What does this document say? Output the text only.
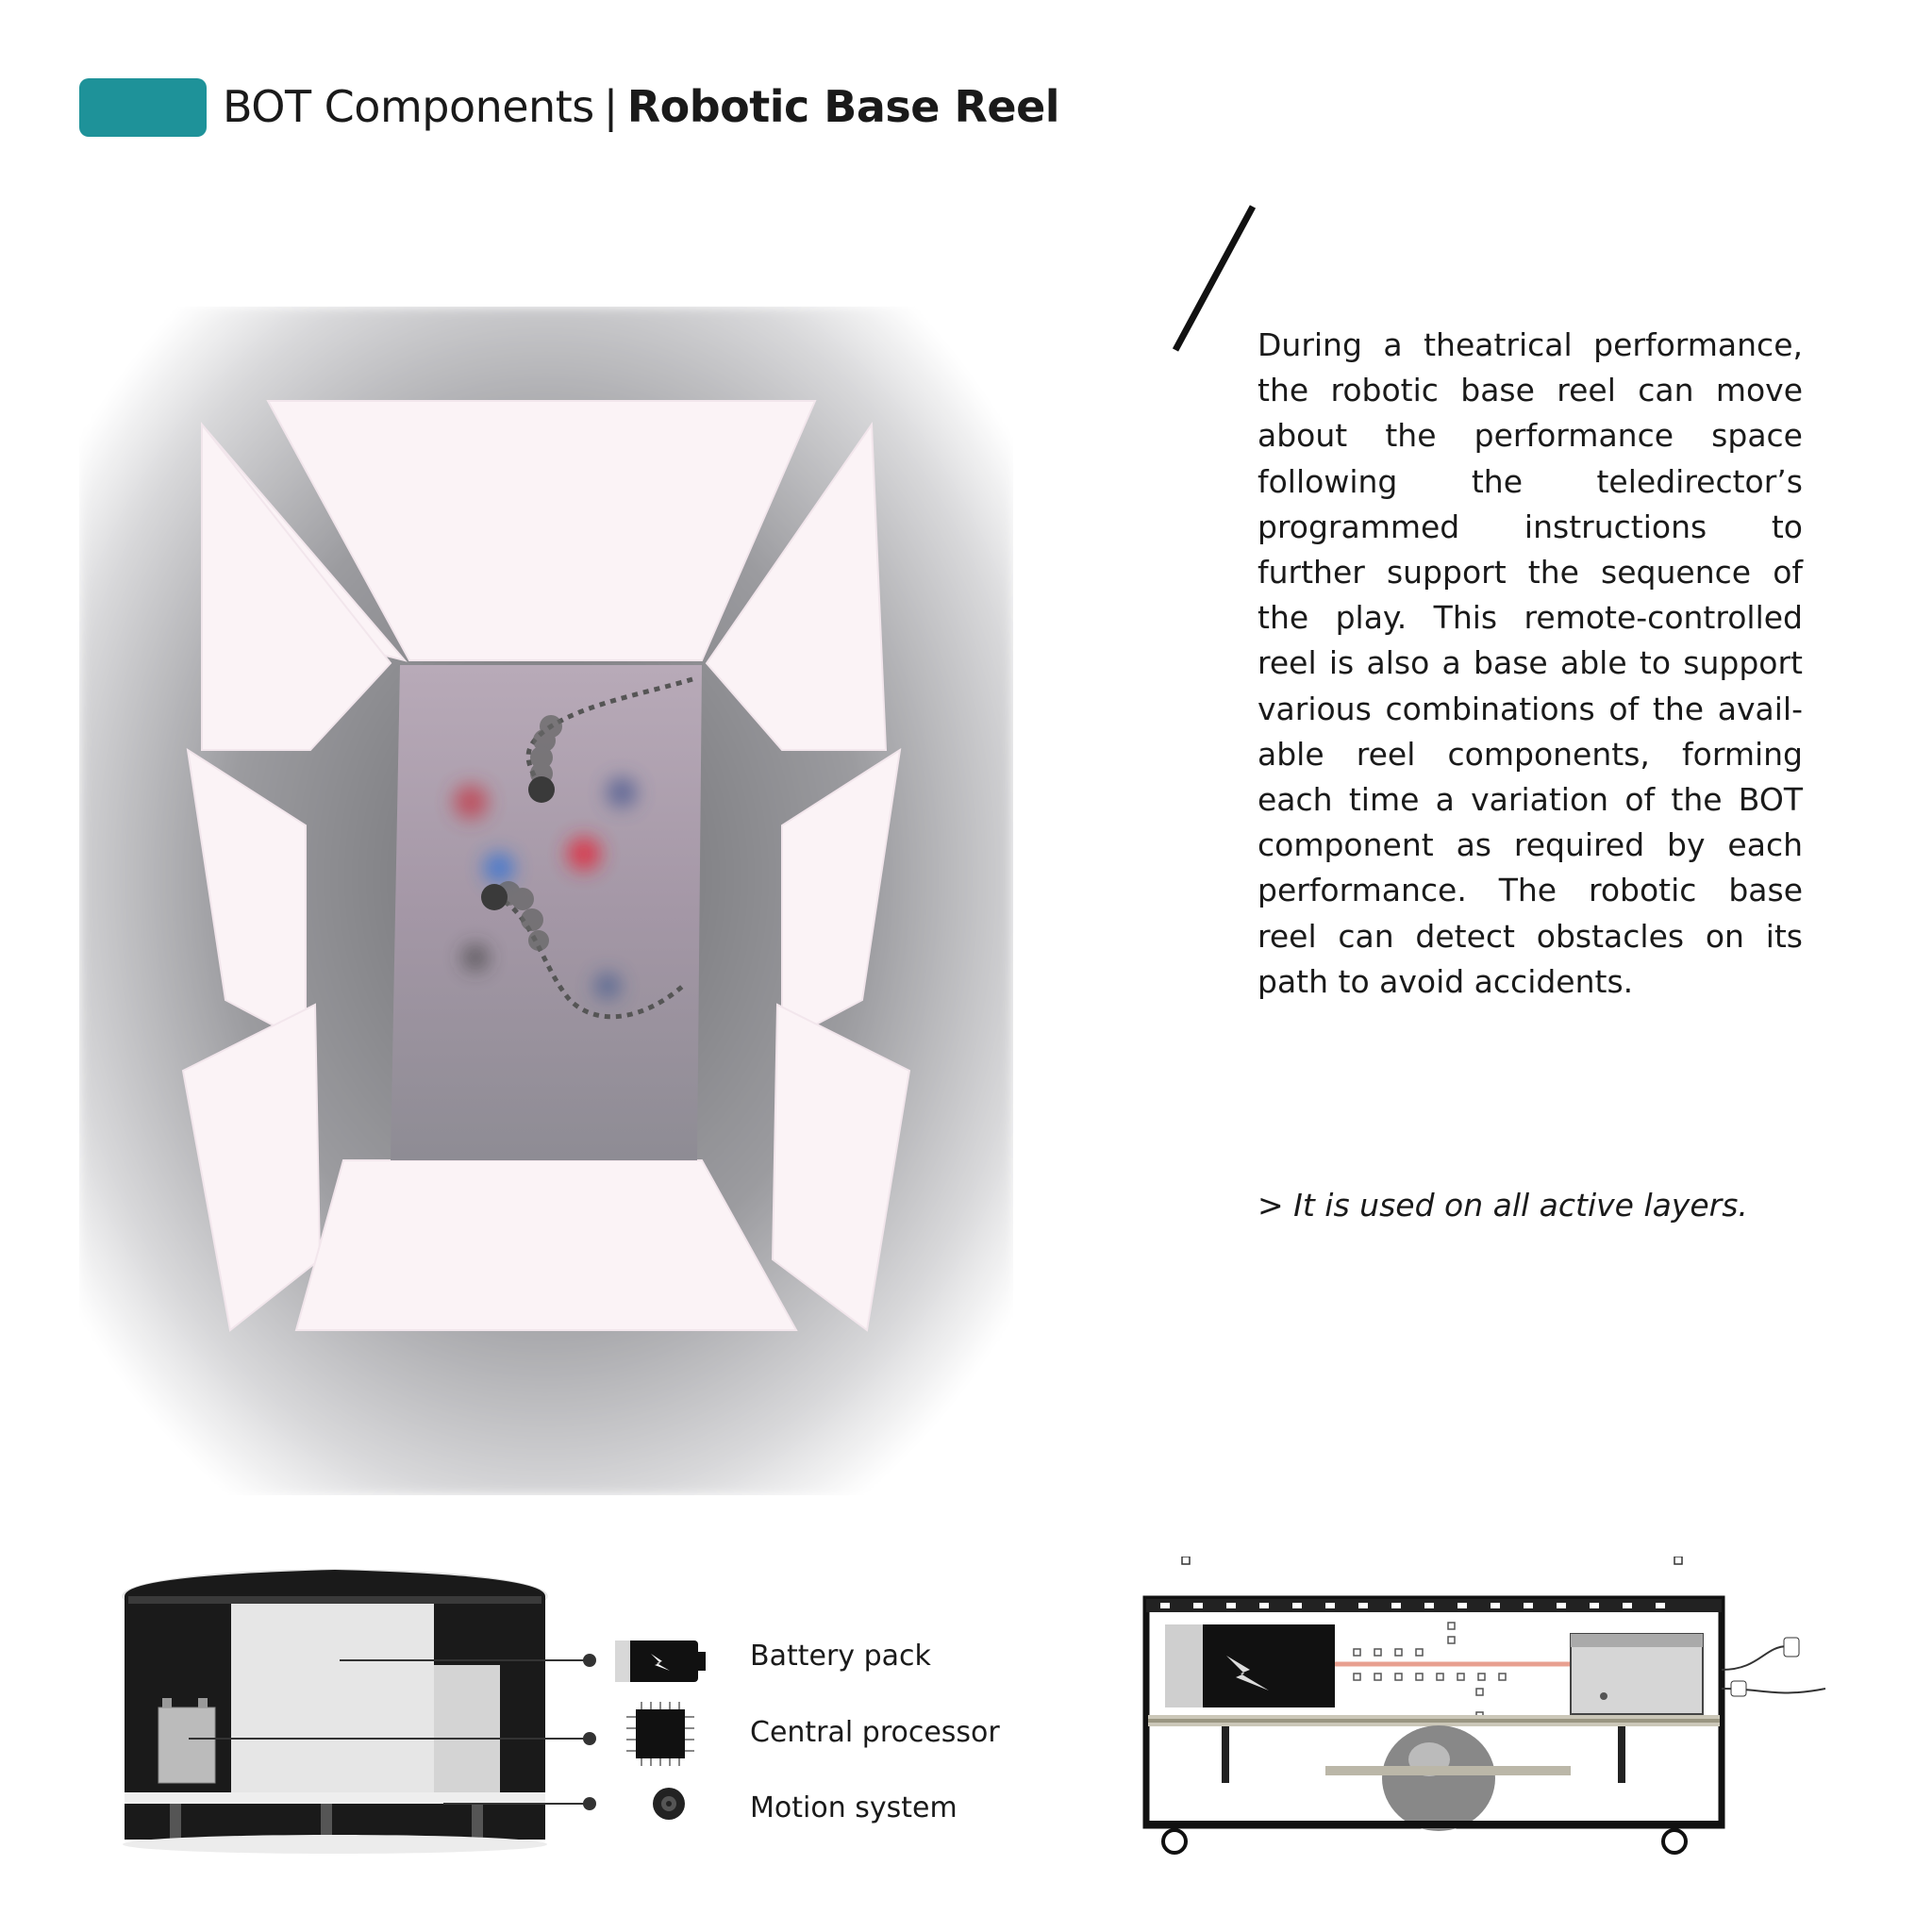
BOT Components | Robotic Base Reel
During a theatrical performance, the robotic base reel can move about the performance space following the teledirector’s programmed instructions to further support the sequence of the play. This remote-controlled reel is also a base able to support various combinations of the available reel components, forming each time a variation of the BOT component as required by each performance. The robotic base reel can detect obstacles on its path to avoid accidents.
> It is used on all active layers.
Battery pack
Central processor
Motion system
